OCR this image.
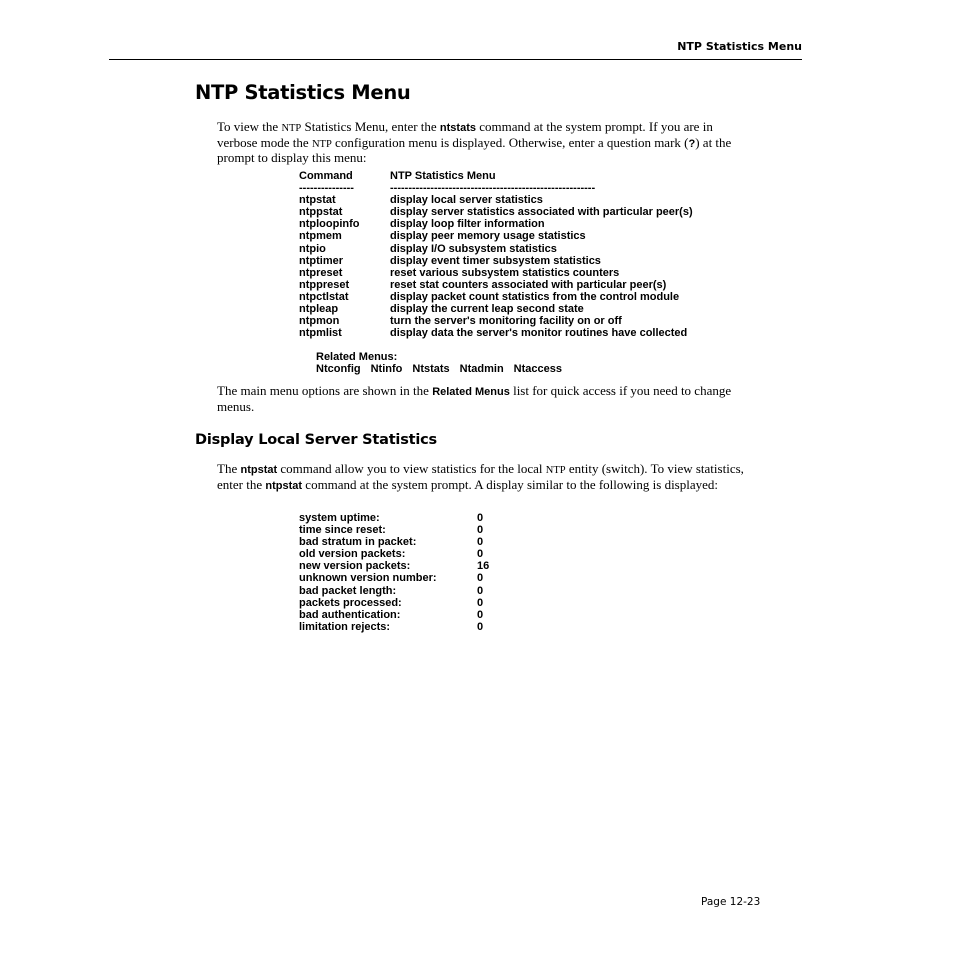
NTP Statistics Menu
NTP Statistics Menu

To view the NTP Statistics Menu, enter the ntstats command at the system prompt. If you are in verbose mode the NTP configuration menu is displayed. Otherwise, enter a question mark (?) at the prompt to display this menu:

Command	NTP Statistics Menu
---------------	--------------------------------------------------------
ntpstat	display local server statistics
ntppstat	display server statistics associated with particular peer(s)
ntploopinfo	display loop filter information
ntpmem	display peer memory usage statistics
ntpio	display I/O subsystem statistics
ntptimer	display event timer subsystem statistics
ntpreset	reset various subsystem statistics counters
ntppreset	reset stat counters associated with particular peer(s)
ntpctlstat	display packet count statistics from the control module
ntpleap	display the current leap second state
ntpmon	turn the server's monitoring facility on or off
ntpmlist	display data the server's monitor routines have collected
Related Menus:
Ntconfig Ntinfo Ntstats Ntadmin Ntaccess

The main menu options are shown in the Related Menus list for quick access if you need to change menus.

Display Local Server Statistics

The ntpstat command allow you to view statistics for the local NTP entity (switch). To view statistics, enter the ntpstat command at the system prompt. A display similar to the following is displayed:

system uptime:	0
time since reset:	0
bad stratum in packet:	0
old version packets:	0
new version packets:	16
unknown version number:	0
bad packet length:	0
packets processed:	0
bad authentication:	0
limitation rejects:	0
Page 12-23
